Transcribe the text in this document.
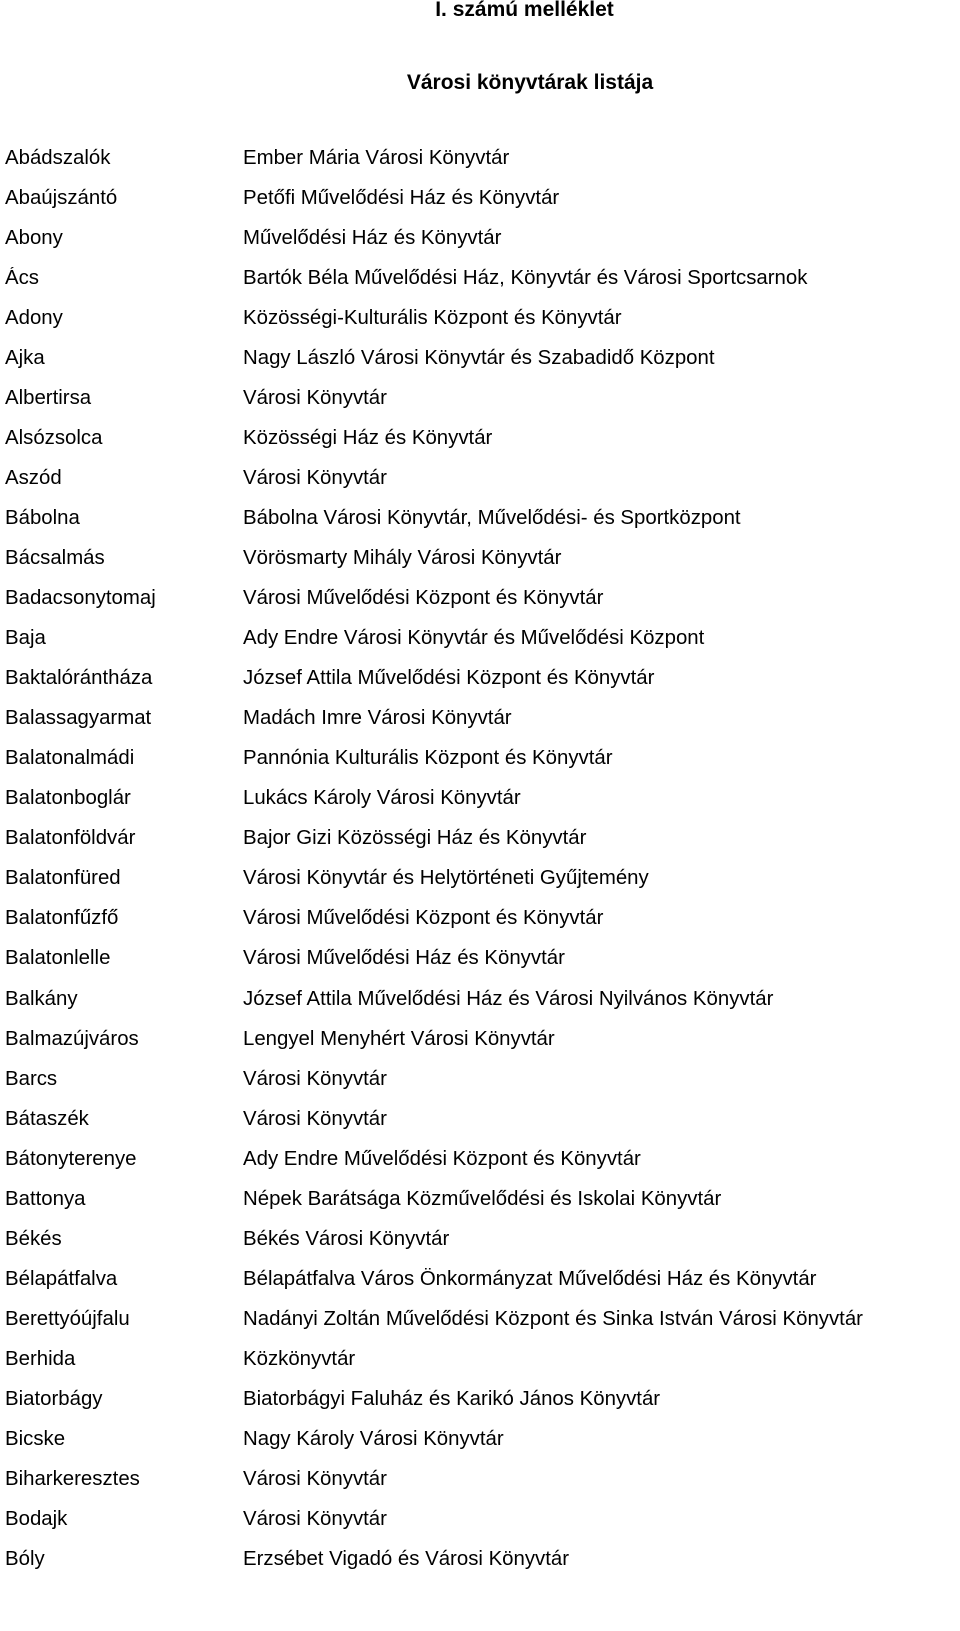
I. számú melléklet
Városi könyvtárak listája
Abádszalók	Ember Mária Városi Könyvtár
Abaújszántó	Petőfi Művelődési Ház és Könyvtár
Abony	Művelődési Ház és Könyvtár
Ács	Bartók Béla Művelődési Ház, Könyvtár és Városi Sportcsarnok
Adony	Közösségi-Kulturális Központ és Könyvtár
Ajka	Nagy László Városi Könyvtár és Szabadidő Központ
Albertirsa	Városi Könyvtár
Alsózsolca	Közösségi Ház és Könyvtár
Aszód	Városi Könyvtár
Bábolna	Bábolna Városi Könyvtár, Művelődési- és Sportközpont
Bácsalmás	Vörösmarty Mihály Városi Könyvtár
Badacsonytomaj	Városi Művelődési Központ és Könyvtár
Baja	Ady Endre Városi Könyvtár és Művelődési Központ
Baktalórántháza	József Attila Művelődési Központ és Könyvtár
Balassagyarmat	Madách Imre Városi Könyvtár
Balatonalmádi	Pannónia Kulturális Központ és Könyvtár
Balatonboglár	Lukács Károly Városi Könyvtár
Balatonföldvár	Bajor Gizi Közösségi Ház és Könyvtár
Balatonfüred	Városi Könyvtár és Helytörténeti Gyűjtemény
Balatonfűzfő	Városi Művelődési Központ és Könyvtár
Balatonlelle	Városi Művelődési Ház és Könyvtár
Balkány	József Attila Művelődési Ház és Városi Nyilvános Könyvtár
Balmazújváros	Lengyel Menyhért Városi Könyvtár
Barcs	Városi Könyvtár
Bátaszék	Városi Könyvtár
Bátonyterenye	Ady Endre Művelődési Központ és Könyvtár
Battonya	Népek Barátsága Közművelődési és Iskolai Könyvtár
Békés	Békés Városi Könyvtár
Bélapátfalva	Bélapátfalva Város Önkormányzat Művelődési Ház és Könyvtár
Berettyóújfalu	Nadányi Zoltán Művelődési Központ és Sinka István Városi Könyvtár
Berhida	Közkönyvtár
Biatorbágy	Biatorbágyi Faluház és Karikó János Könyvtár
Bicske	Nagy Károly Városi Könyvtár
Biharkeresztes	Városi Könyvtár
Bodajk	Városi Könyvtár
Bóly	Erzsébet Vigadó és Városi Könyvtár
